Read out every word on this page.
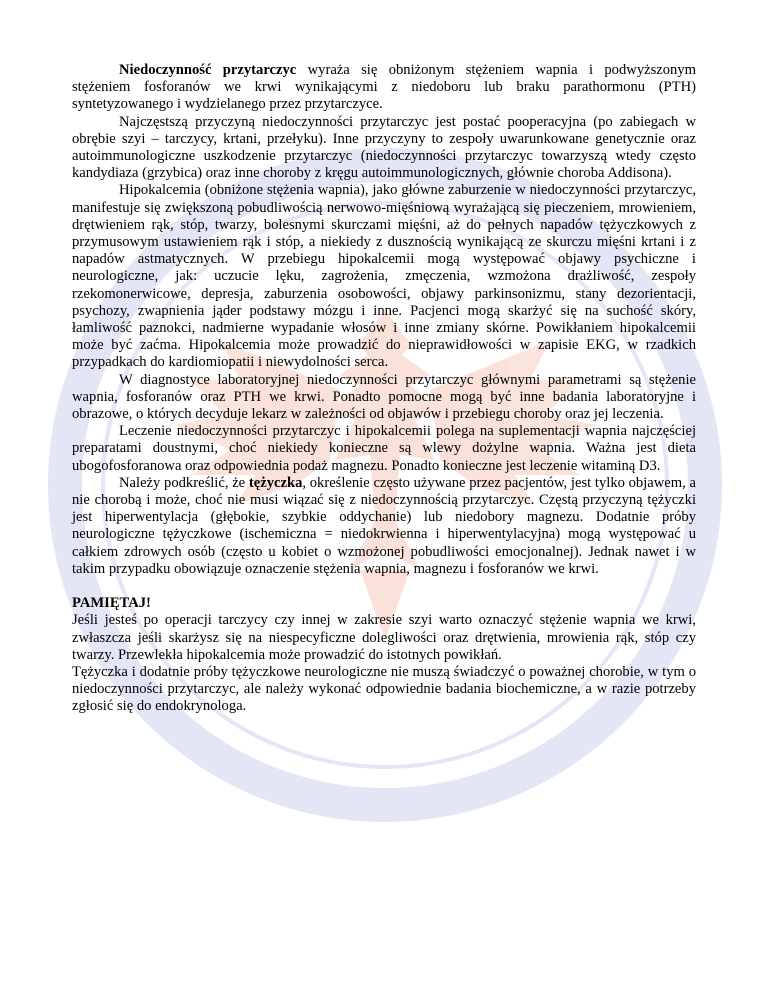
Niedoczynność przytarczyc wyraża się obniżonym stężeniem wapnia i podwyższonym stężeniem fosforanów we krwi wynikającymi z niedoboru lub braku parathormonu (PTH) syntetyzowanego i wydzielanego przez przytarczyce.

Najczęstszą przyczyną niedoczynności przytarczyc jest postać pooperacyjna (po zabiegach w obrębie szyi – tarczycy, krtani, przełyku). Inne przyczyny to zespoły uwarunkowane genetycznie oraz autoimmunologiczne uszkodzenie przytarczyc (niedoczynności przytarczyc towarzyszą wtedy często kandydiaza (grzybica) oraz inne choroby z kręgu autoimmunologicznych, głównie choroba Addisona).

Hipokalcemia (obniżone stężenia wapnia), jako główne zaburzenie w niedoczynności przytarczyc, manifestuje się zwiększoną pobudliwością nerwowo-mięśniową wyrażającą się pieczeniem, mrowieniem, drętwieniem rąk, stóp, twarzy, bolesnymi skurczami mięśni, aż do pełnych napadów tężyczkowych z przymusowym ustawieniem rąk i stóp, a niekiedy z dusznością wynikającą ze skurczu mięśni krtani i z napadów astmatycznych. W przebiegu hipokalcemii mogą występować objawy psychiczne i neurologiczne, jak: uczucie lęku, zagrożenia, zmęczenia, wzmożona drażliwość, zespoły rzekomonerwicowe, depresja, zaburzenia osobowości, objawy parkinsonizmu, stany dezorientacji, psychozy, zwapnienia jąder podstawy mózgu i inne. Pacjenci mogą skarżyć się na suchość skóry, łamliwość paznokci, nadmierne wypadanie włosów i inne zmiany skórne. Powikłaniem hipokalcemii może być zaćma. Hipokalcemia może prowadzić do nieprawidłowości w zapisie EKG, w rzadkich przypadkach do kardiomiopatii i niewydolności serca.

W diagnostyce laboratoryjnej niedoczynności przytarczyc głównymi parametrami są stężenie wapnia, fosforanów oraz PTH we krwi. Ponadto pomocne mogą być inne badania laboratoryjne i obrazowe, o których decyduje lekarz w zależności od objawów i przebiegu choroby oraz jej leczenia.

Leczenie niedoczynności przytarczyc i hipokalcemii polega na suplementacji wapnia najczęściej preparatami doustnymi, choć niekiedy konieczne są wlewy dożylne wapnia. Ważna jest dieta ubogofosforanowa oraz odpowiednia podaż magnezu. Ponadto konieczne jest leczenie witaminą D3.

Należy podkreślić, że tężyczka, określenie często używane przez pacjentów, jest tylko objawem, a nie chorobą i może, choć nie musi wiązać się z niedoczynnością przytarczyc. Częstą przyczyną tężyczki jest hiperwentylacja (głębokie, szybkie oddychanie) lub niedobory magnezu. Dodatnie próby neurologiczne tężyczkowe (ischemiczna = niedokrwienna i hiperwentylacyjna) mogą występować u całkiem zdrowych osób (często u kobiet o wzmożonej pobudliwości emocjonalnej). Jednak nawet i w takim przypadku obowiązuje oznaczenie stężenia wapnia, magnezu i fosforanów we krwi.

PAMIĘTAJ!

Jeśli jesteś po operacji tarczycy czy innej w zakresie szyi warto oznaczyć stężenie wapnia we krwi, zwłaszcza jeśli skarżysz się na niespecyficzne dolegliwości oraz drętwienia, mrowienia rąk, stóp czy twarzy. Przewlekła hipokalcemia może prowadzić do istotnych powikłań.

Tężyczka i dodatnie próby tężyczkowe neurologiczne nie muszą świadczyć o poważnej chorobie, w tym o niedoczynności przytarczyc, ale należy wykonać odpowiednie badania biochemiczne, a w razie potrzeby zgłosić się do endokrynologa.
